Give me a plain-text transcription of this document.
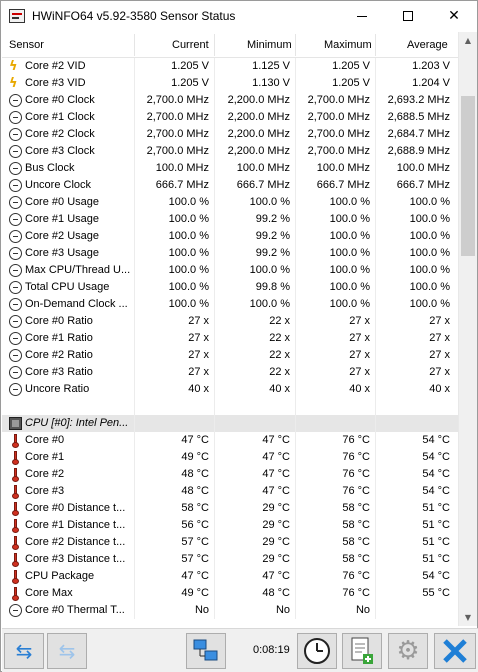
HWiNFO64 v5.92-3580 Sensor Status	✕
Sensor	Current	Minimum	Maximum	Average
ϟ Core #2 VID	1.205 V	1.125 V	1.205 V	1.203 V
ϟ Core #3 VID	1.205 V	1.130 V	1.205 V	1.204 V
Core #0 Clock	2,700.0 MHz	2,200.0 MHz	2,700.0 MHz	2,693.2 MHz
Core #1 Clock	2,700.0 MHz	2,200.0 MHz	2,700.0 MHz	2,688.5 MHz
Core #2 Clock	2,700.0 MHz	2,200.0 MHz	2,700.0 MHz	2,684.7 MHz
Core #3 Clock	2,700.0 MHz	2,200.0 MHz	2,700.0 MHz	2,688.9 MHz
Bus Clock	100.0 MHz	100.0 MHz	100.0 MHz	100.0 MHz
Uncore Clock	666.7 MHz	666.7 MHz	666.7 MHz	666.7 MHz
Core #0 Usage	100.0 %	100.0 %	100.0 %	100.0 %
Core #1 Usage	100.0 %	99.2 %	100.0 %	100.0 %
Core #2 Usage	100.0 %	99.2 %	100.0 %	100.0 %
Core #3 Usage	100.0 %	99.2 %	100.0 %	100.0 %
Max CPU/Thread U...	100.0 %	100.0 %	100.0 %	100.0 %
Total CPU Usage	100.0 %	99.8 %	100.0 %	100.0 %
On-Demand Clock ...	100.0 %	100.0 %	100.0 %	100.0 %
Core #0 Ratio	27 x	22 x	27 x	27 x
Core #1 Ratio	27 x	22 x	27 x	27 x
Core #2 Ratio	27 x	22 x	27 x	27 x
Core #3 Ratio	27 x	22 x	27 x	27 x
Uncore Ratio	40 x	40 x	40 x	40 x
CPU [#0]: Intel Pen...
Core #0	47 °C	47 °C	76 °C	54 °C
Core #1	49 °C	47 °C	76 °C	54 °C
Core #2	48 °C	47 °C	76 °C	54 °C
Core #3	48 °C	47 °C	76 °C	54 °C
Core #0 Distance t...	58 °C	29 °C	58 °C	51 °C
Core #1 Distance t...	56 °C	29 °C	58 °C	51 °C
Core #2 Distance t...	57 °C	29 °C	58 °C	51 °C
Core #3 Distance t...	57 °C	29 °C	58 °C	51 °C
CPU Package	47 °C	47 °C	76 °C	54 °C
Core Max	49 °C	48 °C	76 °C	55 °C
Core #0 Thermal T...	No	No	No
▲
▼
⇆ ⇆	0:08:19	⚙
